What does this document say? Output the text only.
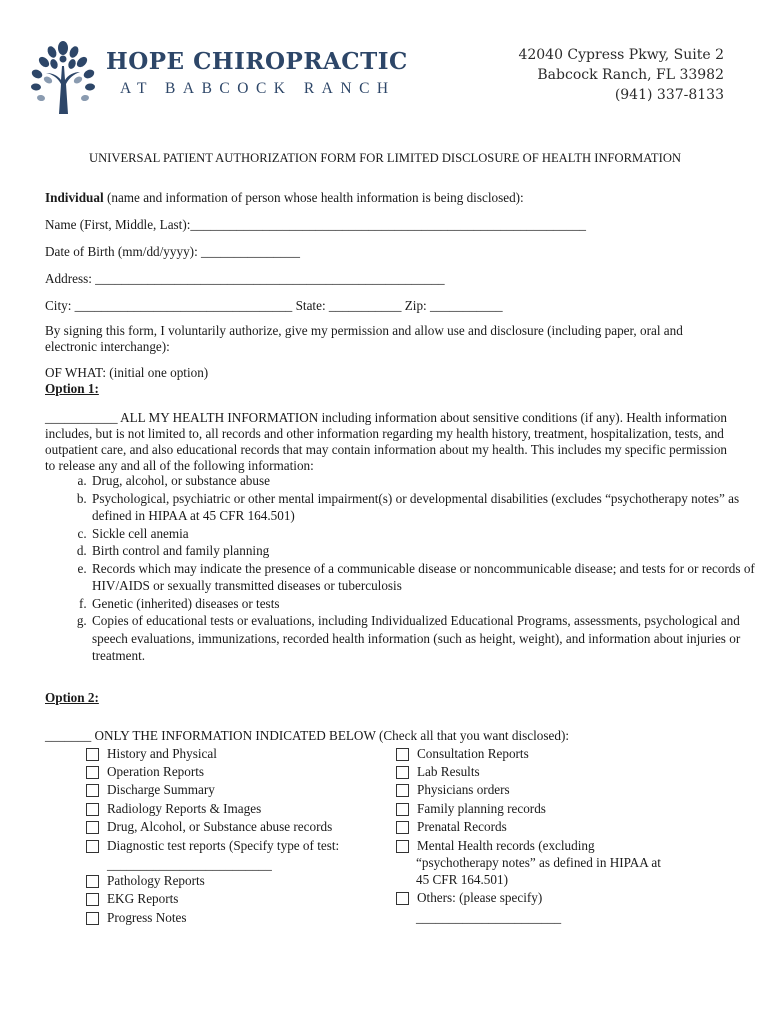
HOPE CHIROPRACTIC
AT BABCOCK RANCH
42040 Cypress Pkwy, Suite 2
Babcock Ranch, FL 33982
(941) 337-8133
UNIVERSAL PATIENT AUTHORIZATION FORM FOR LIMITED DISCLOSURE OF HEALTH INFORMATION
Individual (name and information of person whose health information is being disclosed):
Name (First, Middle, Last):____________________________________________________________
Date of Birth (mm/dd/yyyy): _______________
Address: _____________________________________________________
City: _________________________________ State: ___________ Zip: ___________
By signing this form, I voluntarily authorize, give my permission and allow use and disclosure (including paper, oral and electronic interchange):
OF WHAT: (initial one option)
Option 1:
___________ ALL MY HEALTH INFORMATION including information about sensitive conditions (if any). Health information includes, but is not limited to, all records and other information regarding my health history, treatment, hospitalization, tests, and outpatient care, and also educational records that may contain information about my health. This includes my specific permission to release any and all of the following information:
a. Drug, alcohol, or substance abuse
b. Psychological, psychiatric or other mental impairment(s) or developmental disabilities (excludes “psychotherapy notes” as defined in HIPAA at 45 CFR 164.501)
c. Sickle cell anemia
d. Birth control and family planning
e. Records which may indicate the presence of a communicable disease or noncommunicable disease; and tests for or records of HIV/AIDS or sexually transmitted diseases or tuberculosis
f. Genetic (inherited) diseases or tests
g. Copies of educational tests or evaluations, including Individualized Educational Programs, assessments, psychological and speech evaluations, immunizations, recorded health information (such as height, weight), and information about injuries or treatment.
Option 2:
_______ ONLY THE INFORMATION INDICATED BELOW (Check all that you want disclosed):
History and Physical
Operation Reports
Discharge Summary
Radiology Reports & Images
Drug, Alcohol, or Substance abuse records
Diagnostic test reports (Specify type of test:
_________________________
Pathology Reports
EKG Reports
Progress Notes
Consultation Reports
Lab Results
Physicians orders
Family planning records
Prenatal Records
Mental Health records (excluding
“psychotherapy notes” as defined in HIPAA at
45 CFR 164.501)
Others: (please specify)
______________________
